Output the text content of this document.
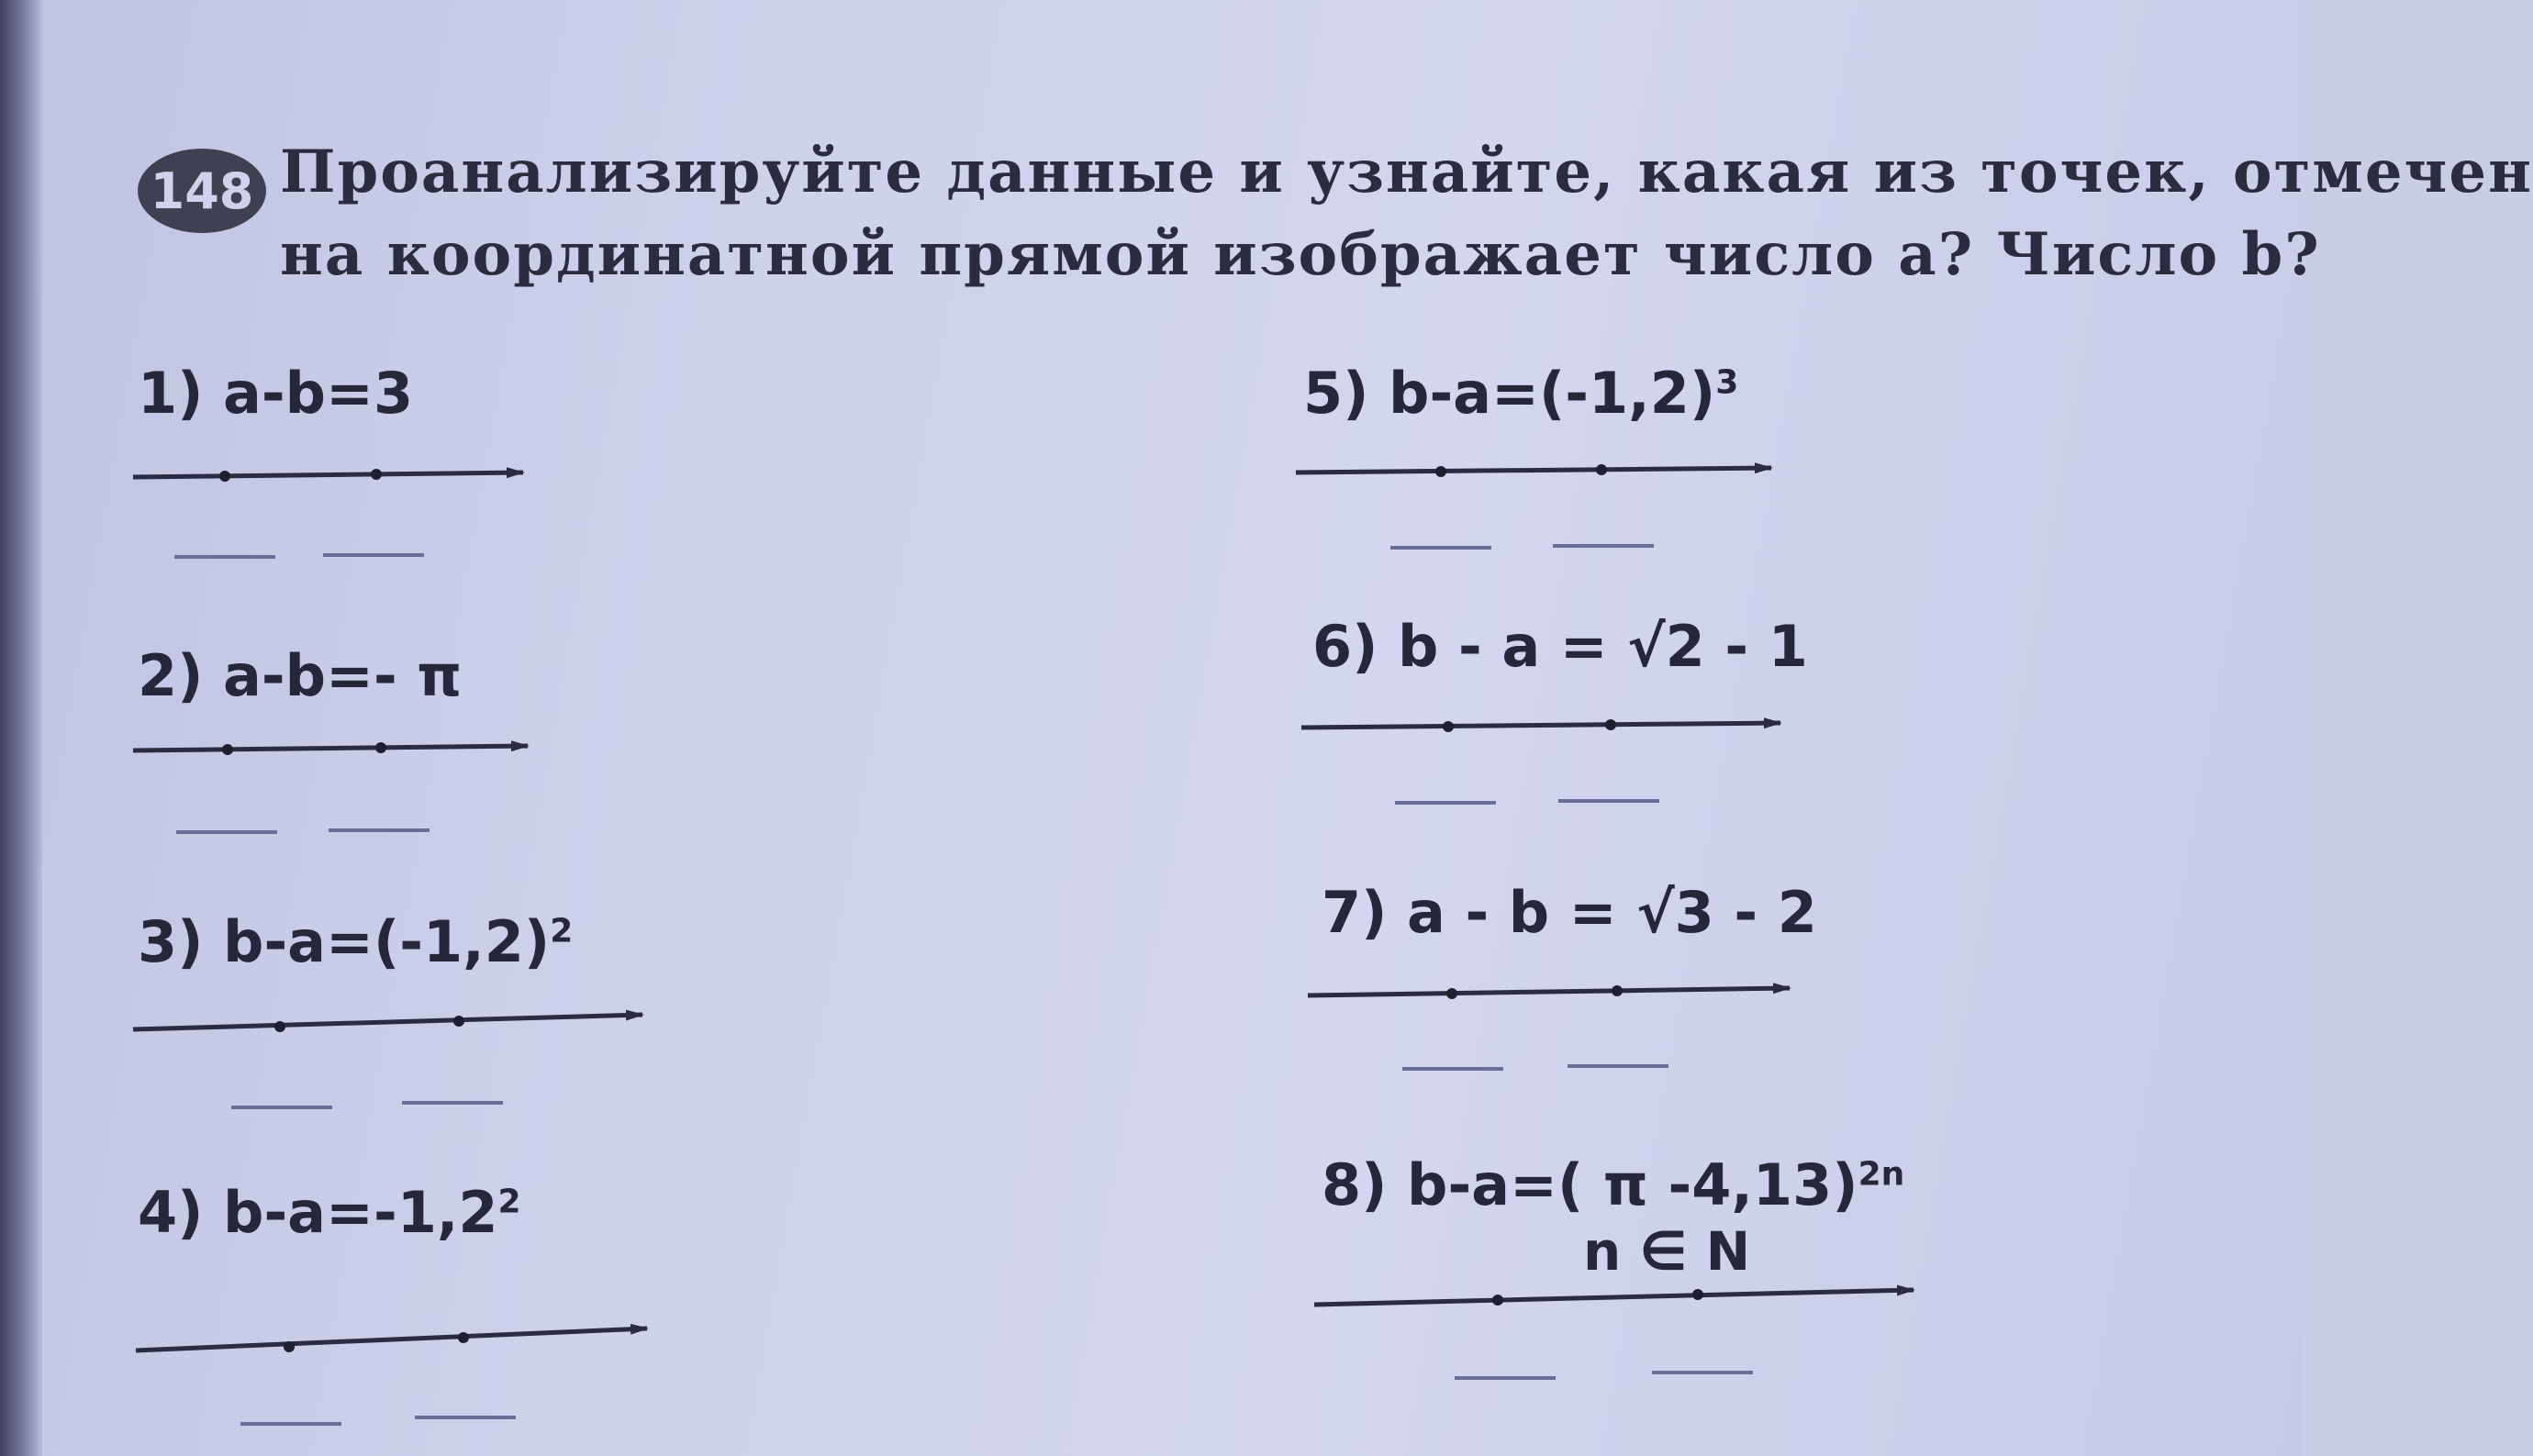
148 Проанализируйте данные и узнайте, какая из точек, отмечен
на координатной прямой изображает число a? Число b?
1) a-b=3
2) a-b=- π
3) $b-a=(-1,2)^2$
4) $b-a=-1,2^2$
5) $b-a=(-1,2)^3$
6) b - a = √2 - 1
7) a - b = √3 - 2
8) b-a=( π -4,13)$^{2n}$
n ∈ N
